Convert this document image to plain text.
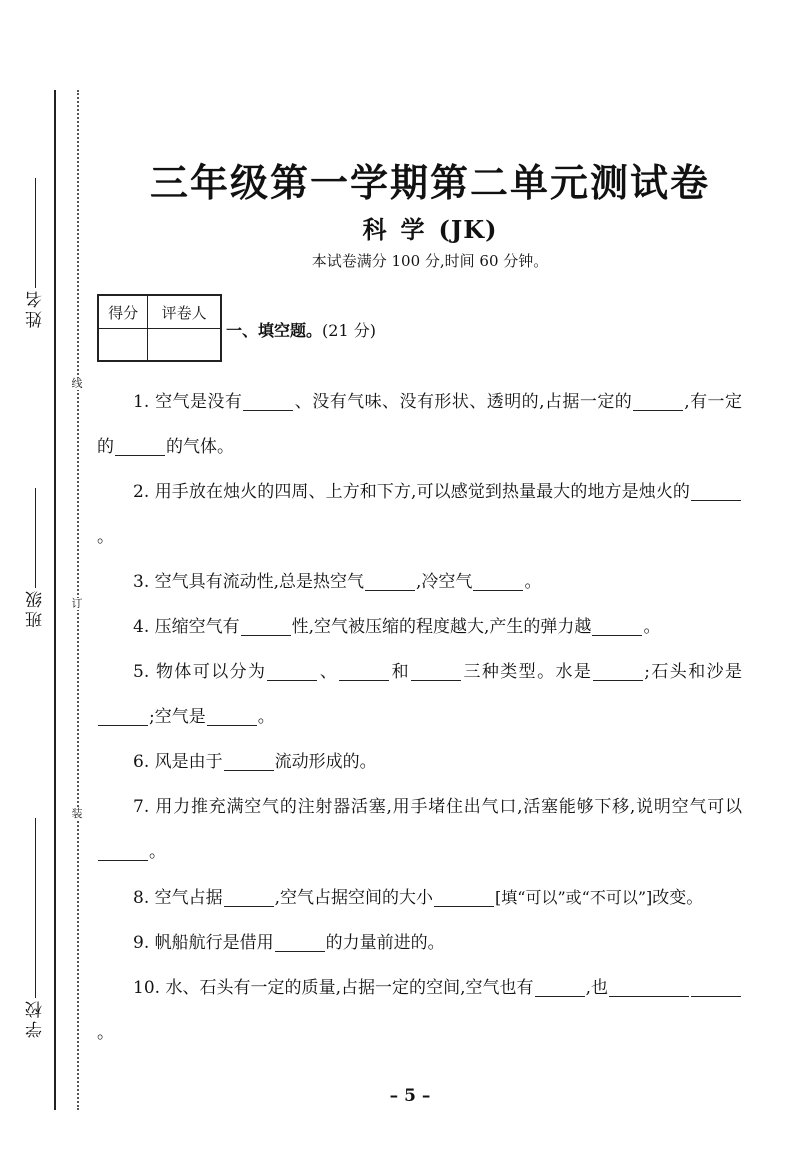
线
订
装
姓名
班级
学校
三年级第一学期第二单元测试卷
科学(JK)
本试卷满分 100 分,时间 60 分钟。
得分	评卷人

一、填空题。(21 分)
1. 空气是没有	、没有气味、没有形状、透明的,占据一定的	,有一定的	的气体。
2. 用手放在烛火的四周、上方和下方,可以感觉到热量最大的地方是烛火的。
3. 空气具有流动性,总是热空气	,冷空气	。
4. 压缩空气有	性,空气被压缩的程度越大,产生的弹力越	。
5. 物体可以分为	、	和	三种类型。水是	;石头和沙是;空气是	。
6. 风是由于	流动形成的。
7. 用力推充满空气的注射器活塞,用手堵住出气口,活塞能够下移,说明空气可以。
8. 空气占据	,空气占据空间的大小	[填“可以”或“不可以”]改变。
9. 帆船航行是借用	的力量前进的。
10. 水、石头有一定的质量,占据一定的空间,空气也有	,也。
– 5 –
